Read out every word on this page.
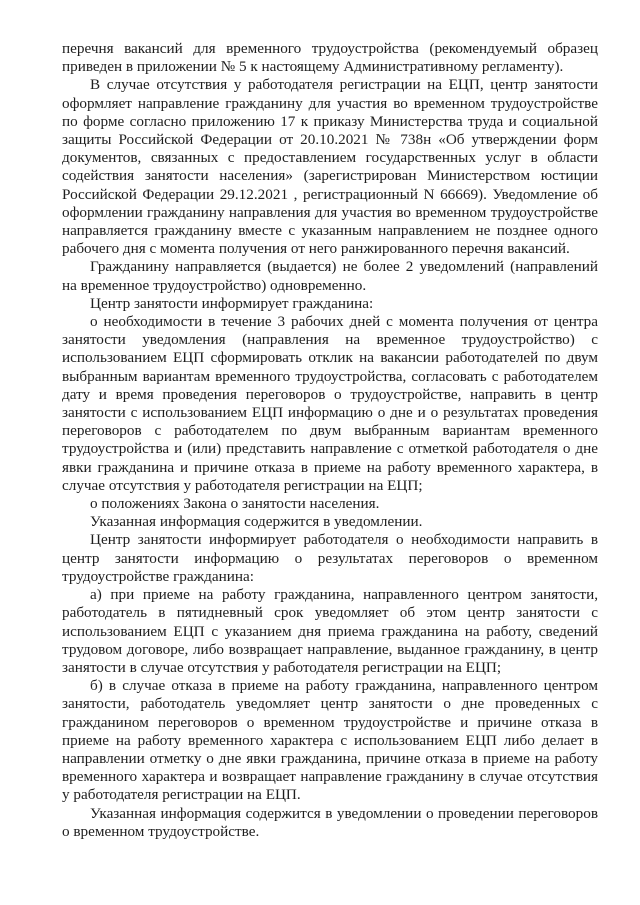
перечня вакансий для временного трудоустройства (рекомендуемый образец приведен в приложении № 5 к настоящему Административному регламенту).

В случае отсутствия у работодателя регистрации на ЕЦП, центр занятости оформляет направление гражданину для участия во временном трудоустройстве по форме согласно приложению 17 к приказу Министерства труда и социальной защиты Российской Федерации от 20.10.2021 № 738н «Об утверждении форм документов, связанных с предоставлением государственных услуг в области содействия занятости населения» (зарегистрирован Министерством юстиции Российской Федерации 29.12.2021 , регистрационный N 66669). Уведомление об оформлении гражданину направления для участия во временном трудоустройстве направляется гражданину вместе с указанным направлением не позднее одного рабочего дня с момента получения от него ранжированного перечня вакансий.

Гражданину направляется (выдается) не более 2 уведомлений (направлений на временное трудоустройство) одновременно.

Центр занятости информирует гражданина:

о необходимости в течение 3 рабочих дней с момента получения от центра занятости уведомления (направления на временное трудоустройство) с использованием ЕЦП сформировать отклик на вакансии работодателей по двум выбранным вариантам временного трудоустройства, согласовать с работодателем дату и время проведения переговоров о трудоустройстве, направить в центр занятости с использованием ЕЦП информацию о дне и о результатах проведения переговоров с работодателем по двум выбранным вариантам временного трудоустройства и (или) представить направление с отметкой работодателя о дне явки гражданина и причине отказа в приеме на работу временного характера, в случае отсутствия у работодателя регистрации на ЕЦП;

о положениях Закона о занятости населения.

Указанная информация содержится в уведомлении.

Центр занятости информирует работодателя о необходимости направить в центр занятости информацию о результатах переговоров о временном трудоустройстве гражданина:

а) при приеме на работу гражданина, направленного центром занятости, работодатель в пятидневный срок уведомляет об этом центр занятости с использованием ЕЦП с указанием дня приема гражданина на работу, сведений трудовом договоре, либо возвращает направление, выданное гражданину, в центр занятости в случае отсутствия у работодателя регистрации на ЕЦП;

б) в случае отказа в приеме на работу гражданина, направленного центром занятости, работодатель уведомляет центр занятости о дне проведенных с гражданином переговоров о временном трудоустройстве и причине отказа в приеме на работу временного характера с использованием ЕЦП либо делает в направлении отметку о дне явки гражданина, причине отказа в приеме на работу временного характера и возвращает направление гражданину в случае отсутствия у работодателя регистрации на ЕЦП.

Указанная информация содержится в уведомлении о проведении переговоров о временном трудоустройстве.
